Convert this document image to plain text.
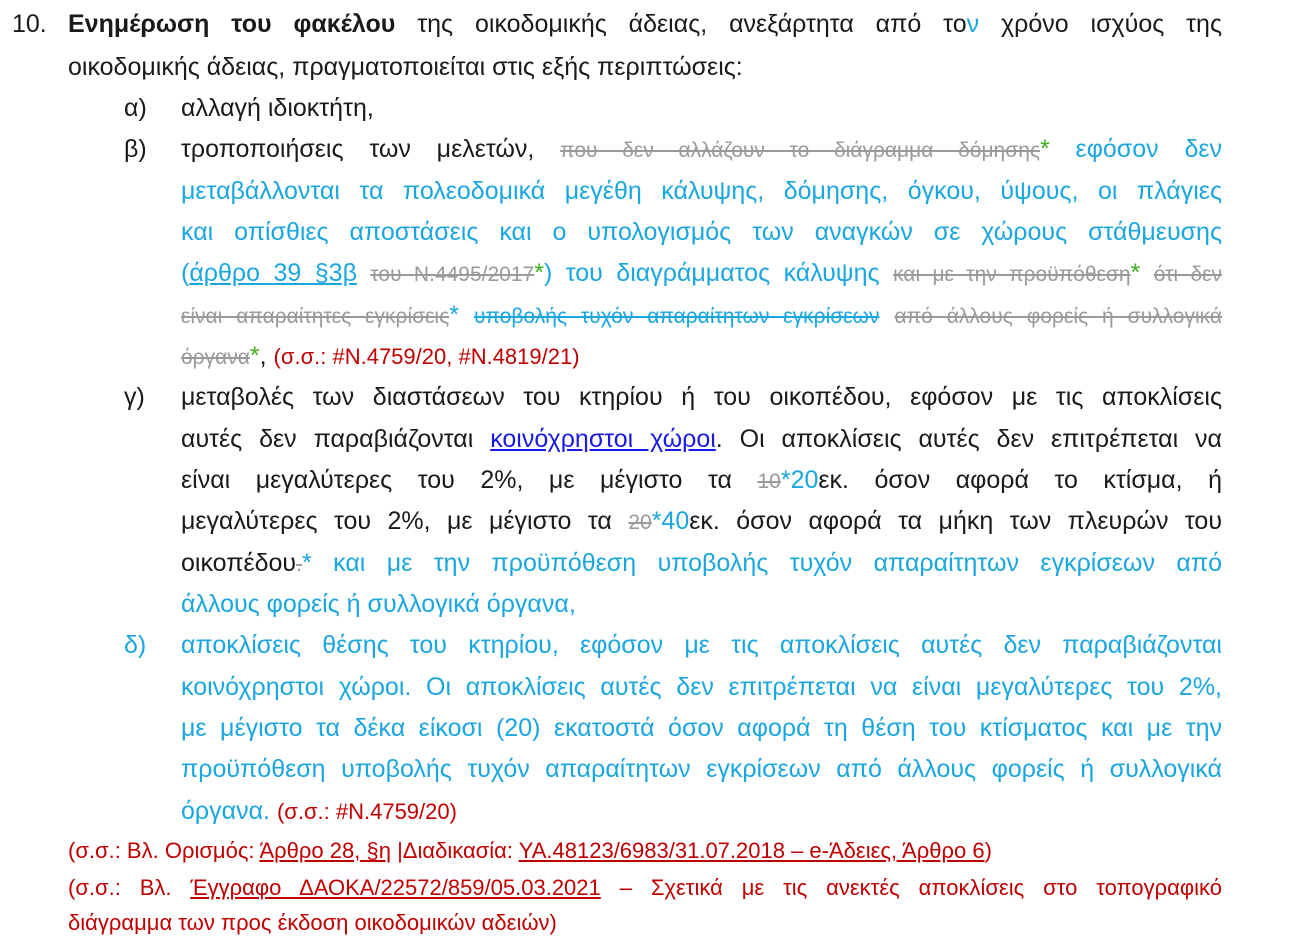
10. Ενημέρωση του φακέλου της οικοδομικής άδειας, ανεξάρτητα από τον χρόνο ισχύος της
οικοδομικής άδειας, πραγματοποιείται στις εξής περιπτώσεις:
α) αλλαγή ιδιοκτήτη,
β) τροποποιήσεις των μελετών, που δεν αλλάζουν το διάγραμμα δόμησης* εφόσον δεν
μεταβάλλονται τα πολεοδομικά μεγέθη κάλυψης, δόμησης, όγκου, ύψους, οι πλάγιες
και οπίσθιες αποστάσεις και ο υπολογισμός των αναγκών σε χώρους στάθμευσης
(άρθρο 39 §3β του Ν.4495/2017*) του διαγράμματος κάλυψης και με την προϋπόθεση* ότι δεν
είναι απαραίτητες εγκρίσεις* υποβολής τυχόν απαραίτητων εγκρίσεων από άλλους φορείς ή συλλογικά
όργανα*, (σ.σ.: #Ν.4759/20, #Ν.4819/21)
γ) μεταβολές των διαστάσεων του κτηρίου ή του οικοπέδου, εφόσον με τις αποκλίσεις
αυτές δεν παραβιάζονται κοινόχρηστοι χώροι. Οι αποκλίσεις αυτές δεν επιτρέπεται να
είναι μεγαλύτερες του 2%, με μέγιστο τα 10*20εκ. όσον αφορά το κτίσμα, ή
μεγαλύτερες του 2%, με μέγιστο τα 20*40εκ. όσον αφορά τα μήκη των πλευρών του
οικοπέδου.* και με την προϋπόθεση υποβολής τυχόν απαραίτητων εγκρίσεων από
άλλους φορείς ή συλλογικά όργανα,
δ) αποκλίσεις θέσης του κτηρίου, εφόσον με τις αποκλίσεις αυτές δεν παραβιάζονται
κοινόχρηστοι χώροι. Οι αποκλίσεις αυτές δεν επιτρέπεται να είναι μεγαλύτερες του 2%,
με μέγιστο τα δέκα είκοσι (20) εκατοστά όσον αφορά τη θέση του κτίσματος και με την
προϋπόθεση υποβολής τυχόν απαραίτητων εγκρίσεων από άλλους φορείς ή συλλογικά
όργανα. (σ.σ.: #Ν.4759/20)
(σ.σ.: Βλ. Ορισμός: Άρθρο 28, §η |Διαδικασία: ΥΑ.48123/6983/31.07.2018 – e-Άδειες, Άρθρο 6)
(σ.σ.: Βλ. Έγγραφο ΔΑΟΚΑ/22572/859/05.03.2021 – Σχετικά με τις ανεκτές αποκλίσεις στο τοπογραφικό
διάγραμμα των προς έκδοση οικοδομικών αδειών)
